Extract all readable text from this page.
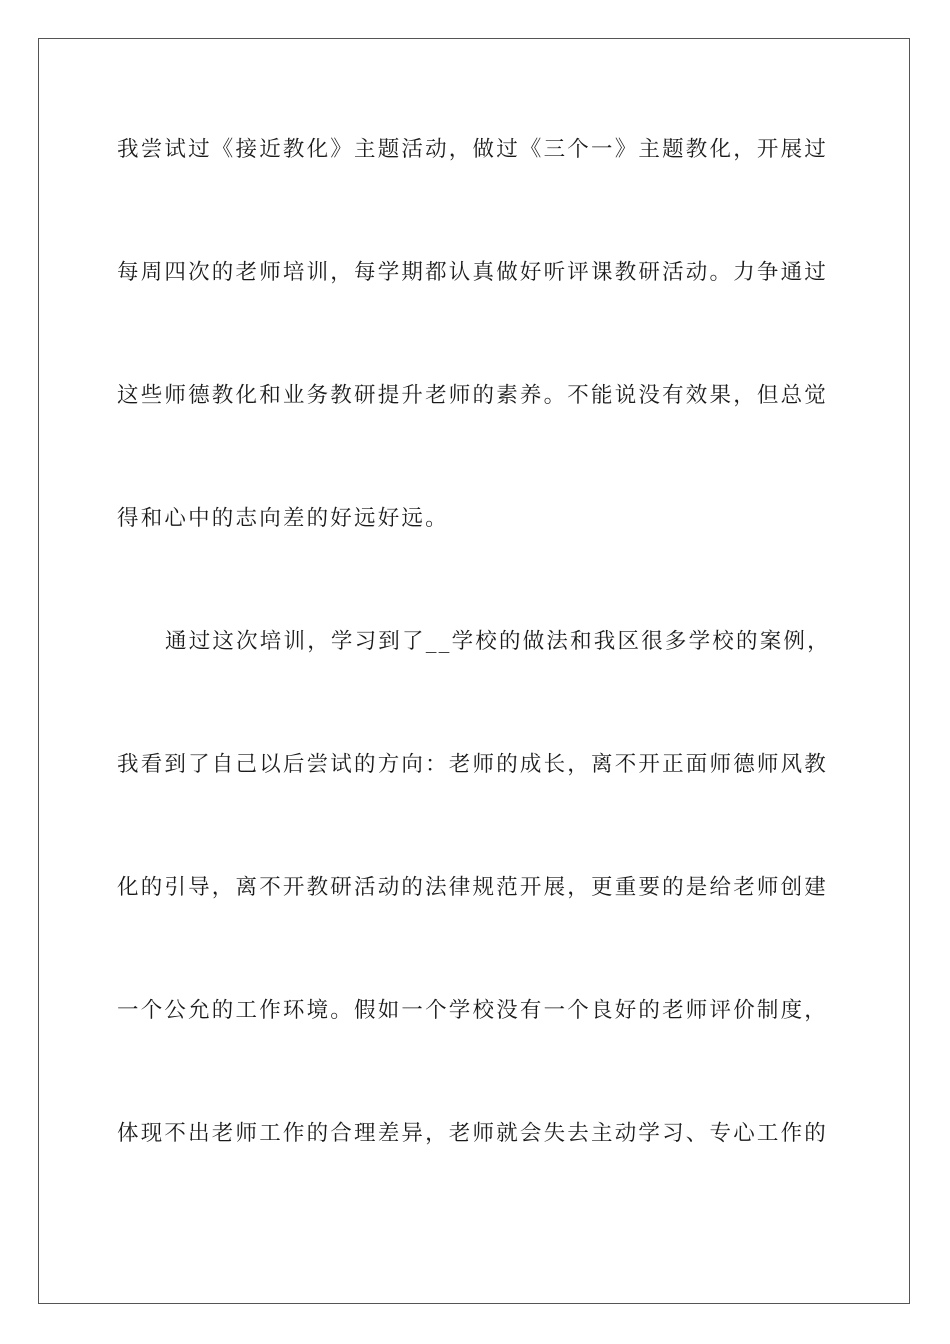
我尝试过《接近教化》主题活动，做过《三个一》主题教化，开展过
每周四次的老师培训，每学期都认真做好听评课教研活动。力争通过
这些师德教化和业务教研提升老师的素养。不能说没有效果，但总觉
得和心中的志向差的好远好远。
通过这次培训，学习到了__学校的做法和我区很多学校的案例，
我看到了自己以后尝试的方向：老师的成长，离不开正面师德师风教
化的引导，离不开教研活动的法律规范开展，更重要的是给老师创建
一个公允的工作环境。假如一个学校没有一个良好的老师评价制度，
体现不出老师工作的合理差异，老师就会失去主动学习、专心工作的
